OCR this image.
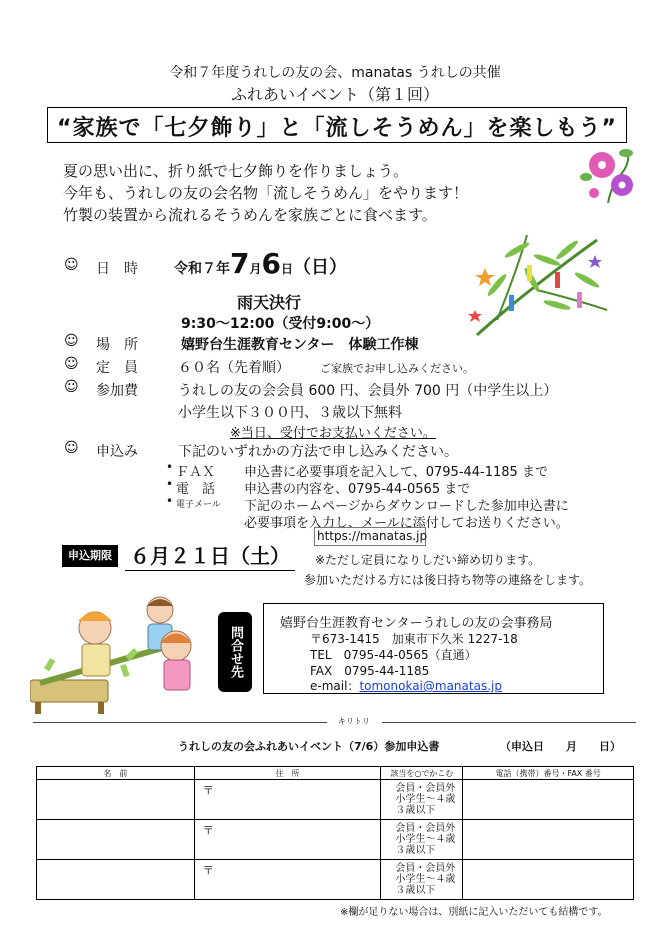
令和７年度うれしの友の会、manatas うれしの共催
ふれあいイベント（第１回）
“家族で「七夕飾り」と「流しそうめん」を楽しもう”
夏の思い出に、折り紙で七夕飾りを作りましょう。
今年も、うれしの友の会名物「流しそうめん」をやります！
竹製の装置から流れるそうめんを家族ごとに食べます。
☺ 日　時	令和７年7月6日（日）
雨天決行
9:30〜12:00（受付9:00〜）
☺ 場　所	嬉野台生涯教育センター　体験工作棟
☺ 定　員	６０名（先着順）	ご家族でお申し込みください。
☺ 参加費	うれしの友の会会員 600 円、会員外 700 円（中学生以上）
小学生以下３００円、３歳以下無料
※当日、受付でお支払いください。
☺ 申込み	下記のいずれかの方法で申し込みください。
• ＦＡＸ 申込書に必要事項を記入して、0795-44-1185 まで
• 電　話 申込書の内容を、0795-44-0565 まで
• 電子メール 下記のホームページからダウンロードした参加申込書に
必要事項を入力し、メールに添付してお送りください。
https://manatas.jp
申込期限 ６月２１日（土） ※ただし定員になりしだい締め切ります。
参加いただける方には後日持ち物等の連絡をします。
問合せ先
嬉野台生涯教育センターうれしの友の会事務局
〒673-1415　加東市下久米 1227-18
TEL　0795-44-0565（直通）
FAX　0795-44-1185
e-mail：tomonokai@manatas.jp
キリトリ
うれしの友の会ふれあいイベント（7/6）参加申込書	（申込日　　月　　日）
名　前	住　所	該当を○でかこむ	電話（携帯）番号・FAX 番号

	〒	会員・会員外
小学生〜４歳
３歳以下	

	〒	会員・会員外
小学生〜４歳
３歳以下	

	〒	会員・会員外
小学生〜４歳
３歳以下	

※欄が足りない場合は、別紙に記入いただいても結構です。
